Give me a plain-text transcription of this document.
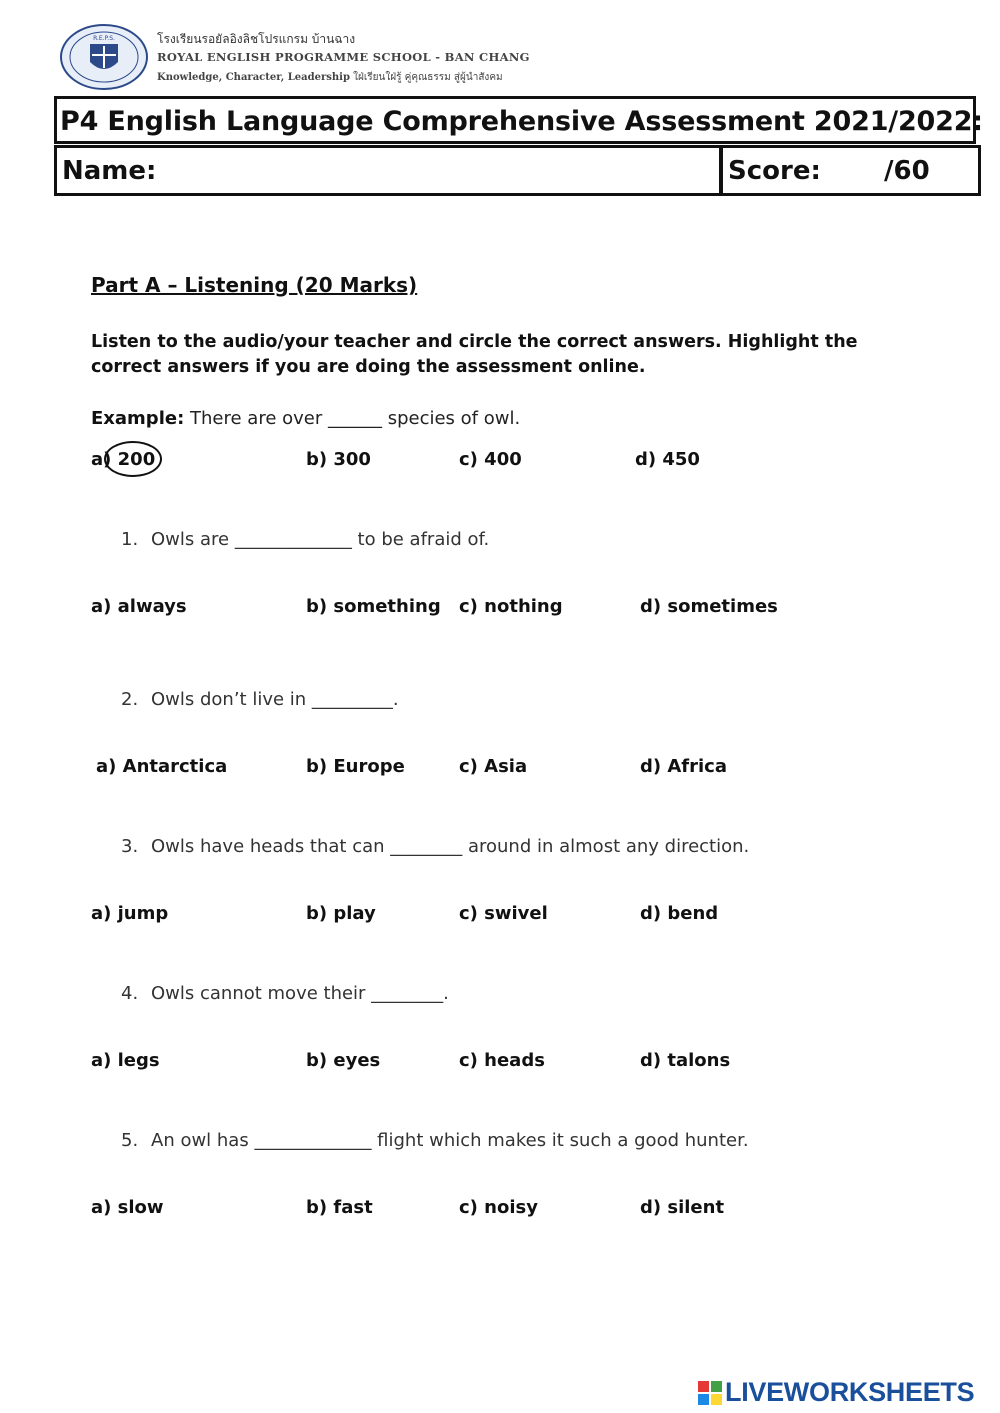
R.E.P.S.	โรงเรียนรอยัลอิงลิชโปรแกรม บ้านฉาง
ROYAL ENGLISH PROGRAMME SCHOOL - BAN CHANG
Knowledge, Character, Leadership ใฝ่เรียนใฝ่รู้ คู่คุณธรรม สู่ผู้นำสังคม
P4 English Language Comprehensive Assessment 2021/2022:
Name:	Score: /60
Part A – Listening (20 Marks)
Listen to the audio/your teacher and circle the correct answers. Highlight the correct answers if you are doing the assessment online.
Example: There are over ______ species of owl.
a) 200	b) 300	c) 400	d) 450
1. Owls are _____________ to be afraid of.
a) always	b) something c) nothing	d) sometimes
2. Owls don’t live in _________.
a) Antarctica	b) Europe	c) Asia	d) Africa
3. Owls have heads that can ________ around in almost any direction.
a) jump	b) play	c) swivel	d) bend
4. Owls cannot move their ________.
a) legs	b) eyes	c) heads	d) talons
5. An owl has _____________ flight which makes it such a good hunter.
a) slow	b) fast	c) noisy	d) silent
LIVEWORKSHEETS
